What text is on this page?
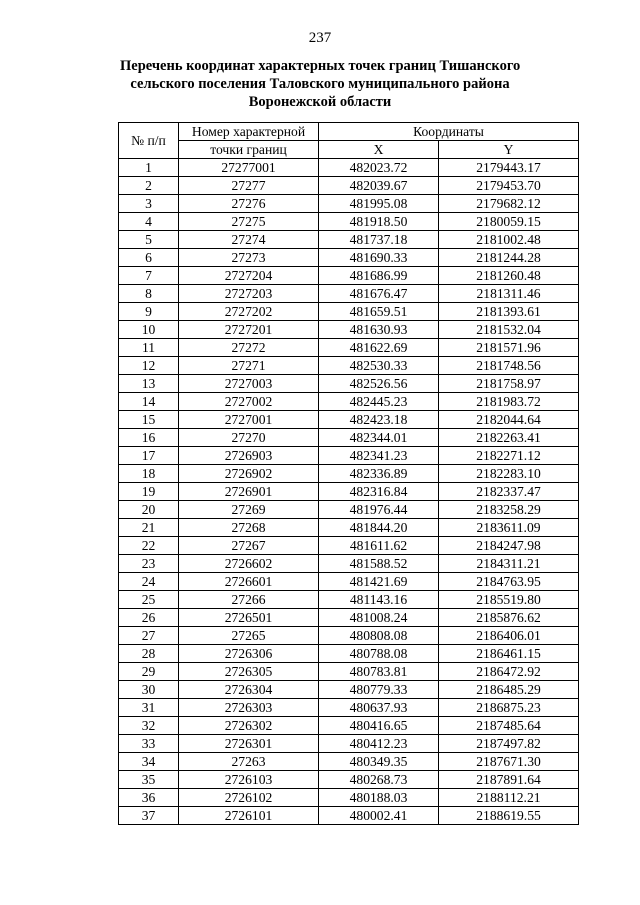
237
Перечень координат характерных точек границ Тишанского
сельского поселения Таловского муниципального района
Воронежской области
№ п/п	Номер характерной	Координаты	
	точки границ	X	Y
1	27277001	482023.72	2179443.17
2	27277	482039.67	2179453.70
3	27276	481995.08	2179682.12
4	27275	481918.50	2180059.15
5	27274	481737.18	2181002.48
6	27273	481690.33	2181244.28
7	2727204	481686.99	2181260.48
8	2727203	481676.47	2181311.46
9	2727202	481659.51	2181393.61
10	2727201	481630.93	2181532.04
11	27272	481622.69	2181571.96
12	27271	482530.33	2181748.56
13	2727003	482526.56	2181758.97
14	2727002	482445.23	2181983.72
15	2727001	482423.18	2182044.64
16	27270	482344.01	2182263.41
17	2726903	482341.23	2182271.12
18	2726902	482336.89	2182283.10
19	2726901	482316.84	2182337.47
20	27269	481976.44	2183258.29
21	27268	481844.20	2183611.09
22	27267	481611.62	2184247.98
23	2726602	481588.52	2184311.21
24	2726601	481421.69	2184763.95
25	27266	481143.16	2185519.80
26	2726501	481008.24	2185876.62
27	27265	480808.08	2186406.01
28	2726306	480788.08	2186461.15
29	2726305	480783.81	2186472.92
30	2726304	480779.33	2186485.29
31	2726303	480637.93	2186875.23
32	2726302	480416.65	2187485.64
33	2726301	480412.23	2187497.82
34	27263	480349.35	2187671.30
35	2726103	480268.73	2187891.64
36	2726102	480188.03	2188112.21
37	2726101	480002.41	2188619.55
